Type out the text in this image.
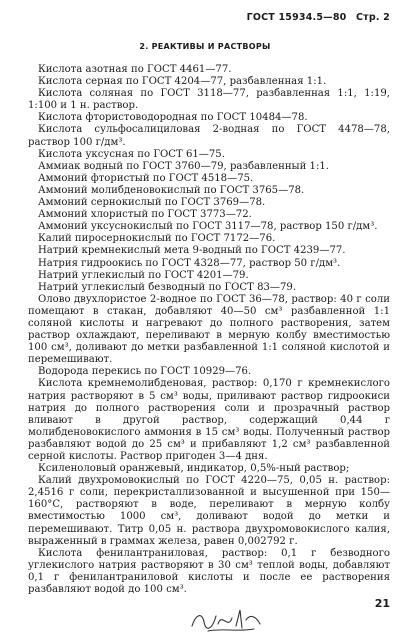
ГОСТ 15934.5—80 Стр. 2
2. РЕАКТИВЫ И РАСТВОРЫ

Кислота азотная по ГОСТ 4461—77.

Кислота серная по ГОСТ 4204—77, разбавленная 1:1.

Кислота соляная по ГОСТ 3118—77, разбавленная 1:1, 1:19, 1:100 и 1 н. раствор.

Кислота фтористоводородная по ГОСТ 10484—78.

Кислота сульфосалициловая 2-водная по ГОСТ 4478—78, раствор 100 г/дм³.

Кислота уксусная по ГОСТ 61—75.

Аммиак водный по ГОСТ 3760—79, разбавленный 1:1.

Аммоний фтористый по ГОСТ 4518—75.

Аммоний молибденовокислый по ГОСТ 3765—78.

Аммоний сернокислый по ГОСТ 3769—78.

Аммоний хлористый по ГОСТ 3773—72.

Аммоний уксуснокислый по ГОСТ 3117—78, раствор 150 г/дм³.

Калий пиросернокислый по ГОСТ 7172—76.

Натрий кремнекислый мета 9-водный по ГОСТ 4239—77.

Натрия гидроокись по ГОСТ 4328—77, раствор 50 г/дм³.

Натрий углекислый по ГОСТ 4201—79.

Натрий углекислый безводный по ГОСТ 83—79.

Олово двухлористое 2-водное по ГОСТ 36—78, раствор: 40 г соли помещают в стакан, добавляют 40—50 см³ разбавленной 1:1 соляной кислоты и нагревают до полного растворения, затем раствор охлаждают, переливают в мерную колбу вместимостью 100 см³, доливают до метки разбавленной 1:1 соляной кислотой и перемешивают.

Водорода перекись по ГОСТ 10929—76.

Кислота кремнемолибденовая, раствор: 0,170 г кремнекислого натрия растворяют в 5 см³ воды, приливают раствор гидроокиси натрия до полного растворения соли и прозрачный раствор вливают в другой раствор, содержащий 0,44 г молибденовокислого аммония в 15 см³ воды. Полученный раствор разбавляют водой до 25 см³ и прибавляют 1,2 см³ разбавленной серной кислоты. Раствор пригоден 3—4 дня.

Ксиленоловый оранжевый, индикатор, 0,5%-ный раствор;

Калий двухромовокислый по ГОСТ 4220—75, 0,05 н. раствор: 2,4516 г соли, перекристаллизованной и высушенной при 150—160°С, растворяют в воде, переливают в мерную колбу вместимостью 1000 см³, доливают водой до метки и перемешивают. Титр 0,05 н. раствора двухромовокислого калия, выраженный в граммах железа, равен 0,002792 г.

Кислота фенилантраниловая, раствор: 0,1 г безводного углекислого натрия растворяют в 30 см³ теплой воды, добавляют 0,1 г фенилантраниловой кислоты и после ее растворения разбавляют водой до 100 см³.

21
